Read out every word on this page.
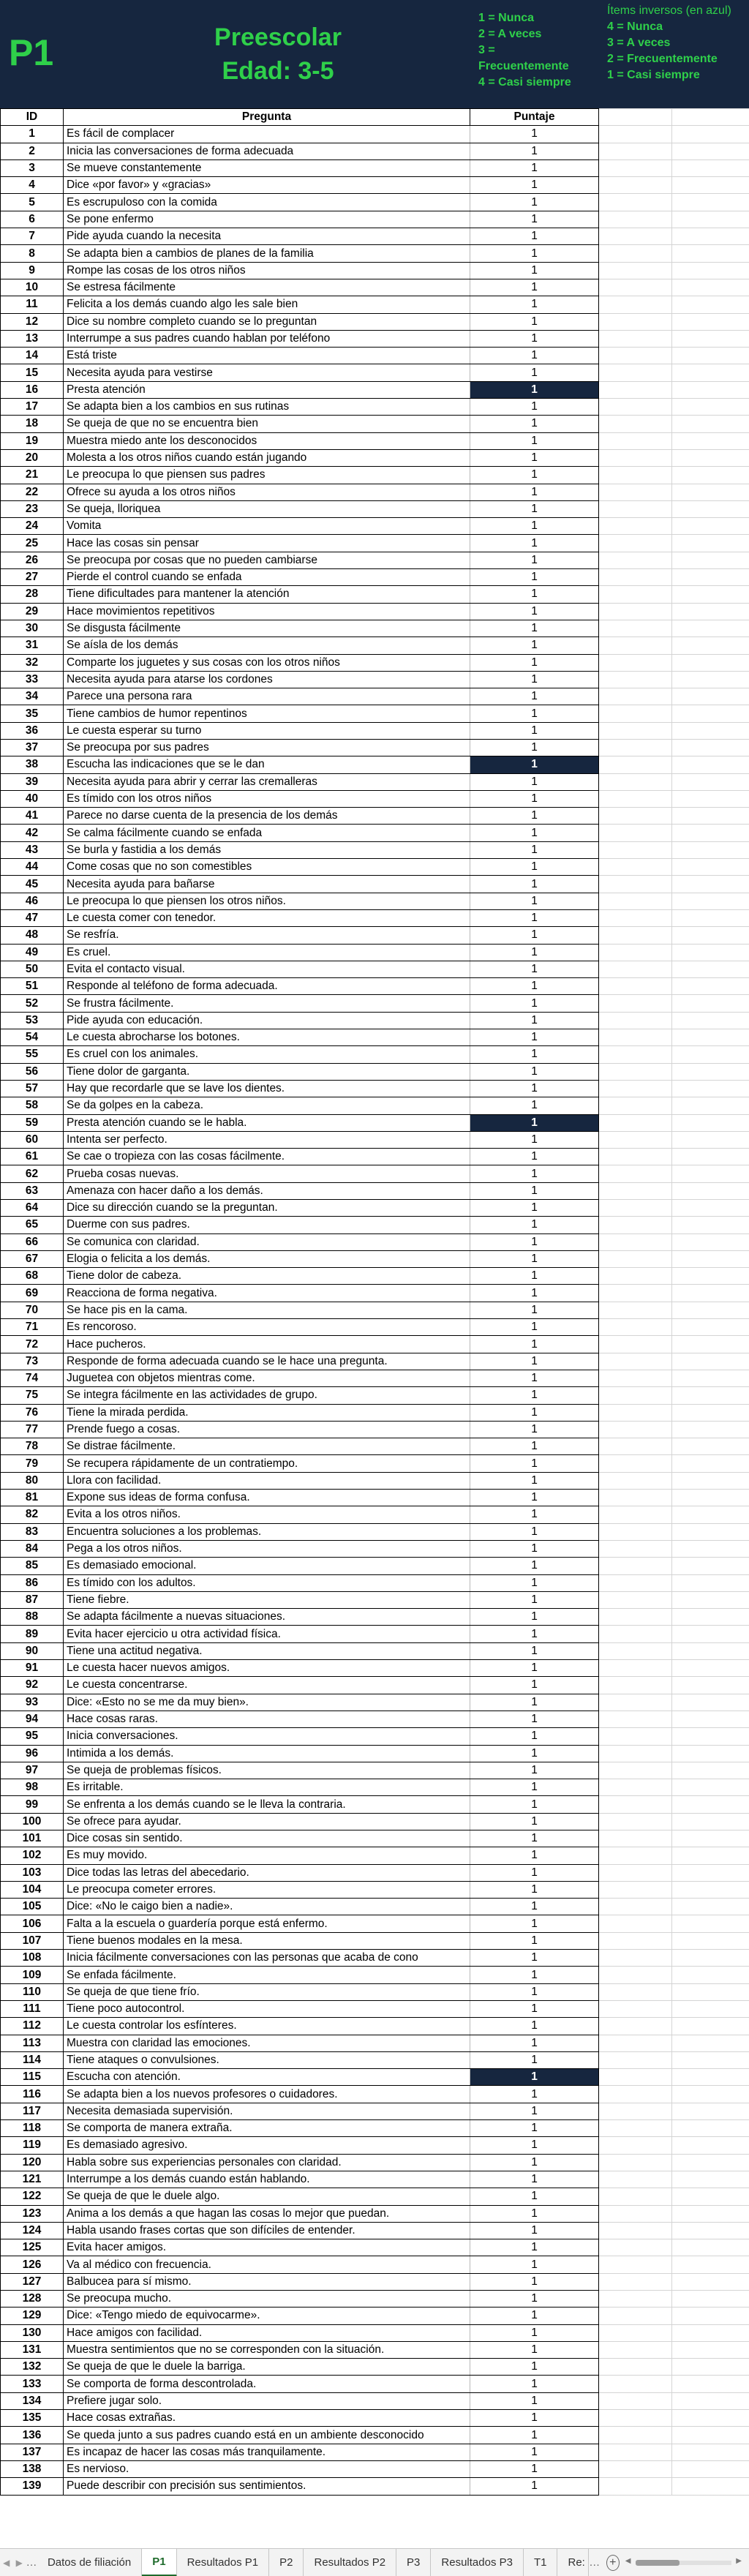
P1	Preescolar
Edad: 3-5
1 = Nunca
2 = A veces
3 =
Frecuentemente
4 = Casi siempre
Ítems inversos (en azul)
4 = Nunca
3 = A veces
2 = Frecuentemente
1 = Casi siempre
ID	Pregunta	Puntaje		
1	Es fácil de complacer	1		
2	Inicia las conversaciones de forma adecuada	1		
3	Se mueve constantemente	1		
4	Dice «por favor» y «gracias»	1		
5	Es escrupuloso con la comida	1		
6	Se pone enfermo	1		
7	Pide ayuda cuando la necesita	1		
8	Se adapta bien a cambios de planes de la familia	1		
9	Rompe las cosas de los otros niños	1		
10	Se estresa fácilmente	1		
11	Felicita a los demás cuando algo les sale bien	1		
12	Dice su nombre completo cuando se lo preguntan	1		
13	Interrumpe a sus padres cuando hablan por teléfono	1		
14	Está triste	1		
15	Necesita ayuda para vestirse	1		
16	Presta atención	1		
17	Se adapta bien a los cambios en sus rutinas	1		
18	Se queja de que no se encuentra bien	1		
19	Muestra miedo ante los desconocidos	1		
20	Molesta a los otros niños cuando están jugando	1		
21	Le preocupa lo que piensen sus padres	1		
22	Ofrece su ayuda a los otros niños	1		
23	Se queja, lloriquea	1		
24	Vomita	1		
25	Hace las cosas sin pensar	1		
26	Se preocupa por cosas que no pueden cambiarse	1		
27	Pierde el control cuando se enfada	1		
28	Tiene dificultades para mantener la atención	1		
29	Hace movimientos repetitivos	1		
30	Se disgusta fácilmente	1		
31	Se aísla de los demás	1		
32	Comparte los juguetes y sus cosas con los otros niños	1		
33	Necesita ayuda para atarse los cordones	1		
34	Parece una persona rara	1		
35	Tiene cambios de humor repentinos	1		
36	Le cuesta esperar su turno	1		
37	Se preocupa por sus padres	1		
38	Escucha las indicaciones que se le dan	1		
39	Necesita ayuda para abrir y cerrar las cremalleras	1		
40	Es tímido con los otros niños	1		
41	Parece no darse cuenta de la presencia de los demás	1		
42	Se calma fácilmente cuando se enfada	1		
43	Se burla y fastidia a los demás	1		
44	Come cosas que no son comestibles	1		
45	Necesita ayuda para bañarse	1		
46	Le preocupa lo que piensen los otros niños.	1		
47	Le cuesta comer con tenedor.	1		
48	Se resfría.	1		
49	Es cruel.	1		
50	Evita el contacto visual.	1		
51	Responde al teléfono de forma adecuada.	1		
52	Se frustra fácilmente.	1		
53	Pide ayuda con educación.	1		
54	Le cuesta abrocharse los botones.	1		
55	Es cruel con los animales.	1		
56	Tiene dolor de garganta.	1		
57	Hay que recordarle que se lave los dientes.	1		
58	Se da golpes en la cabeza.	1		
59	Presta atención cuando se le habla.	1		
60	Intenta ser perfecto.	1		
61	Se cae o tropieza con las cosas fácilmente.	1		
62	Prueba cosas nuevas.	1		
63	Amenaza con hacer daño a los demás.	1		
64	Dice su dirección cuando se la preguntan.	1		
65	Duerme con sus padres.	1		
66	Se comunica con claridad.	1		
67	Elogia o felicita a los demás.	1		
68	Tiene dolor de cabeza.	1		
69	Reacciona de forma negativa.	1		
70	Se hace pis en la cama.	1		
71	Es rencoroso.	1		
72	Hace pucheros.	1		
73	Responde de forma adecuada cuando se le hace una pregunta.	1		
74	Juguetea con objetos mientras come.	1		
75	Se integra fácilmente en las actividades de grupo.	1		
76	Tiene la mirada perdida.	1		
77	Prende fuego a cosas.	1		
78	Se distrae fácilmente.	1		
79	Se recupera rápidamente de un contratiempo.	1		
80	Llora con facilidad.	1		
81	Expone sus ideas de forma confusa.	1		
82	Evita a los otros niños.	1		
83	Encuentra soluciones a los problemas.	1		
84	Pega a los otros niños.	1		
85	Es demasiado emocional.	1		
86	Es tímido con los adultos.	1		
87	Tiene fiebre.	1		
88	Se adapta fácilmente a nuevas situaciones.	1		
89	Evita hacer ejercicio u otra actividad física.	1		
90	Tiene una actitud negativa.	1		
91	Le cuesta hacer nuevos amigos.	1		
92	Le cuesta concentrarse.	1		
93	Dice: «Esto no se me da muy bien».	1		
94	Hace cosas raras.	1		
95	Inicia conversaciones.	1		
96	Intimida a los demás.	1		
97	Se queja de problemas físicos.	1		
98	Es irritable.	1		
99	Se enfrenta a los demás cuando se le lleva la contraria.	1		
100	Se ofrece para ayudar.	1		
101	Dice cosas sin sentido.	1		
102	Es muy movido.	1		
103	Dice todas las letras del abecedario.	1		
104	Le preocupa cometer errores.	1		
105	Dice: «No le caigo bien a nadie».	1		
106	Falta a la escuela o guardería porque está enfermo.	1		
107	Tiene buenos modales en la mesa.	1		
108	Inicia fácilmente conversaciones con las personas que acaba de cono	1		
109	Se enfada fácilmente.	1		
110	Se queja de que tiene frío.	1		
111	Tiene poco autocontrol.	1		
112	Le cuesta controlar los esfínteres.	1		
113	Muestra con claridad las emociones.	1		
114	Tiene ataques o convulsiones.	1		
115	Escucha con atención.	1		
116	Se adapta bien a los nuevos profesores o cuidadores.	1		
117	Necesita demasiada supervisión.	1		
118	Se comporta de manera extraña.	1		
119	Es demasiado agresivo.	1		
120	Habla sobre sus experiencias personales con claridad.	1		
121	Interrumpe a los demás cuando están hablando.	1		
122	Se queja de que le duele algo.	1		
123	Anima a los demás a que hagan las cosas lo mejor que puedan.	1		
124	Habla usando frases cortas que son difíciles de entender.	1		
125	Evita hacer amigos.	1		
126	Va al médico con frecuencia.	1		
127	Balbucea para sí mismo.	1		
128	Se preocupa mucho.	1		
129	Dice: «Tengo miedo de equivocarme».	1		
130	Hace amigos con facilidad.	1		
131	Muestra sentimientos que no se corresponden con la situación.	1		
132	Se queja de que le duele la barriga.	1		
133	Se comporta de forma descontrolada.	1		
134	Prefiere jugar solo.	1		
135	Hace cosas extrañas.	1		
136	Se queda junto a sus padres cuando está en un ambiente desconocido	1		
137	Es incapaz de hacer las cosas más tranquilamente.	1		
138	Es nervioso.	1		
139	Puede describir con precisión sus sentimientos.	1		
◀ ▶ … Datos de filiación	P1	Resultados P1	P2	Resultados P2	P3	Resultados P3	T1	Re: … +	◀	▶
